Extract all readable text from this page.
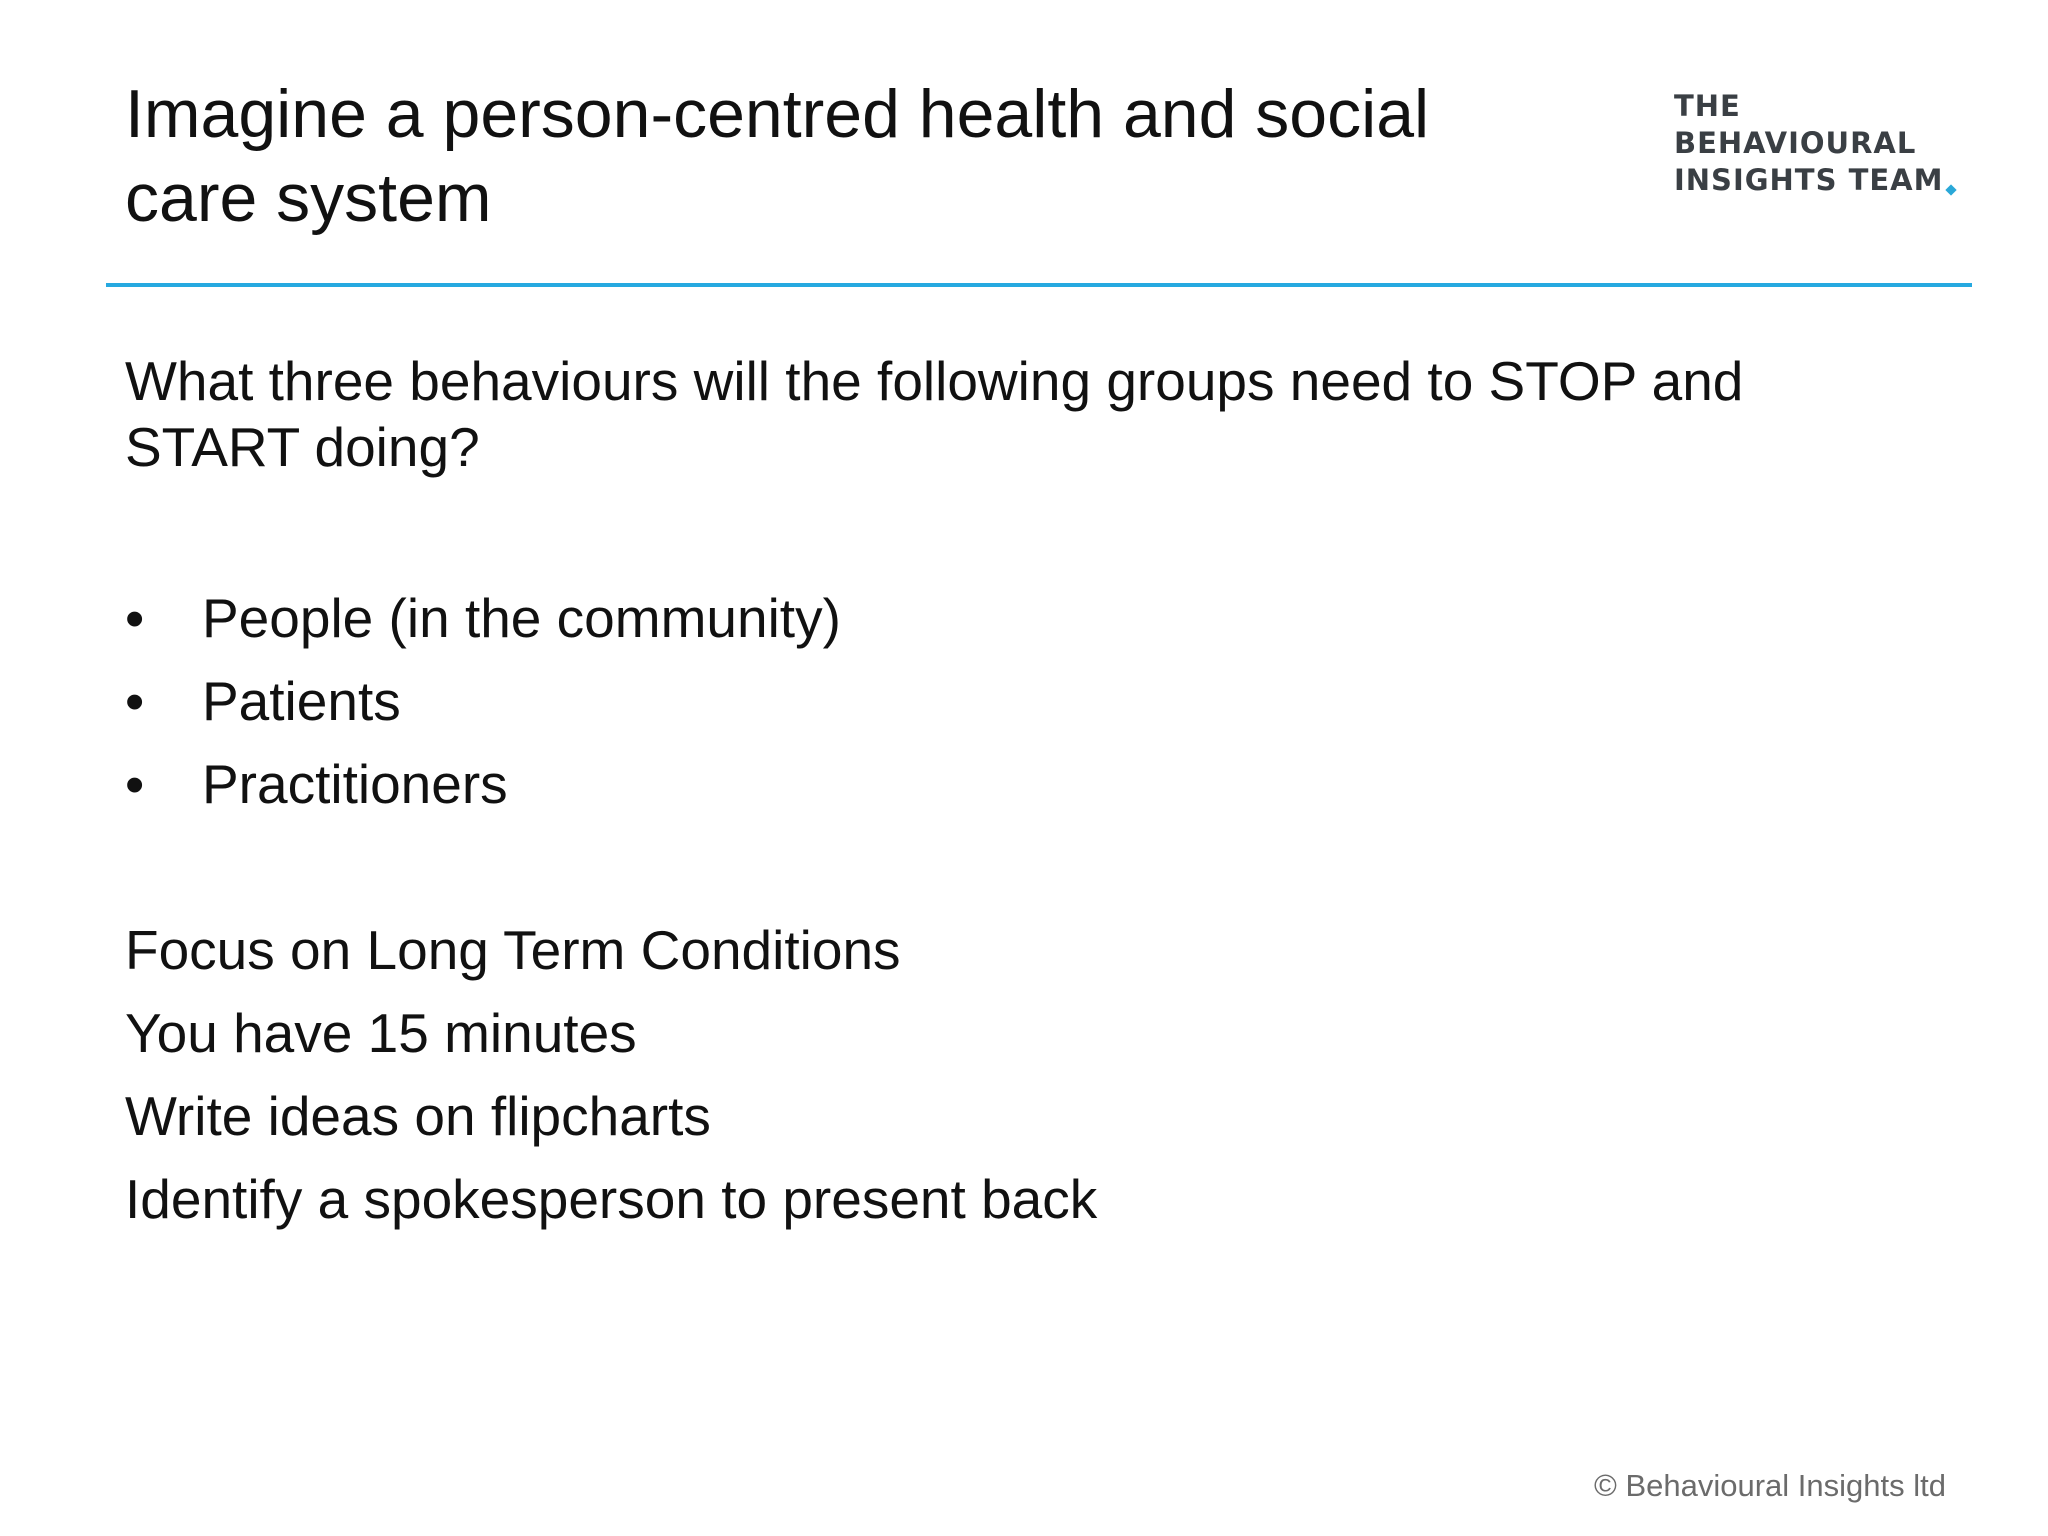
Imagine a person-centred health and social care system
THE
BEHAVIOURAL
INSIGHTS TEAM

What three behaviours will the following groups need to STOP and START doing?

• People (in the community)
• Patients
• Practitioners
Focus on Long Term Conditions
You have 15 minutes
Write ideas on flipcharts
Identify a spokesperson to present back
© Behavioural Insights ltd
